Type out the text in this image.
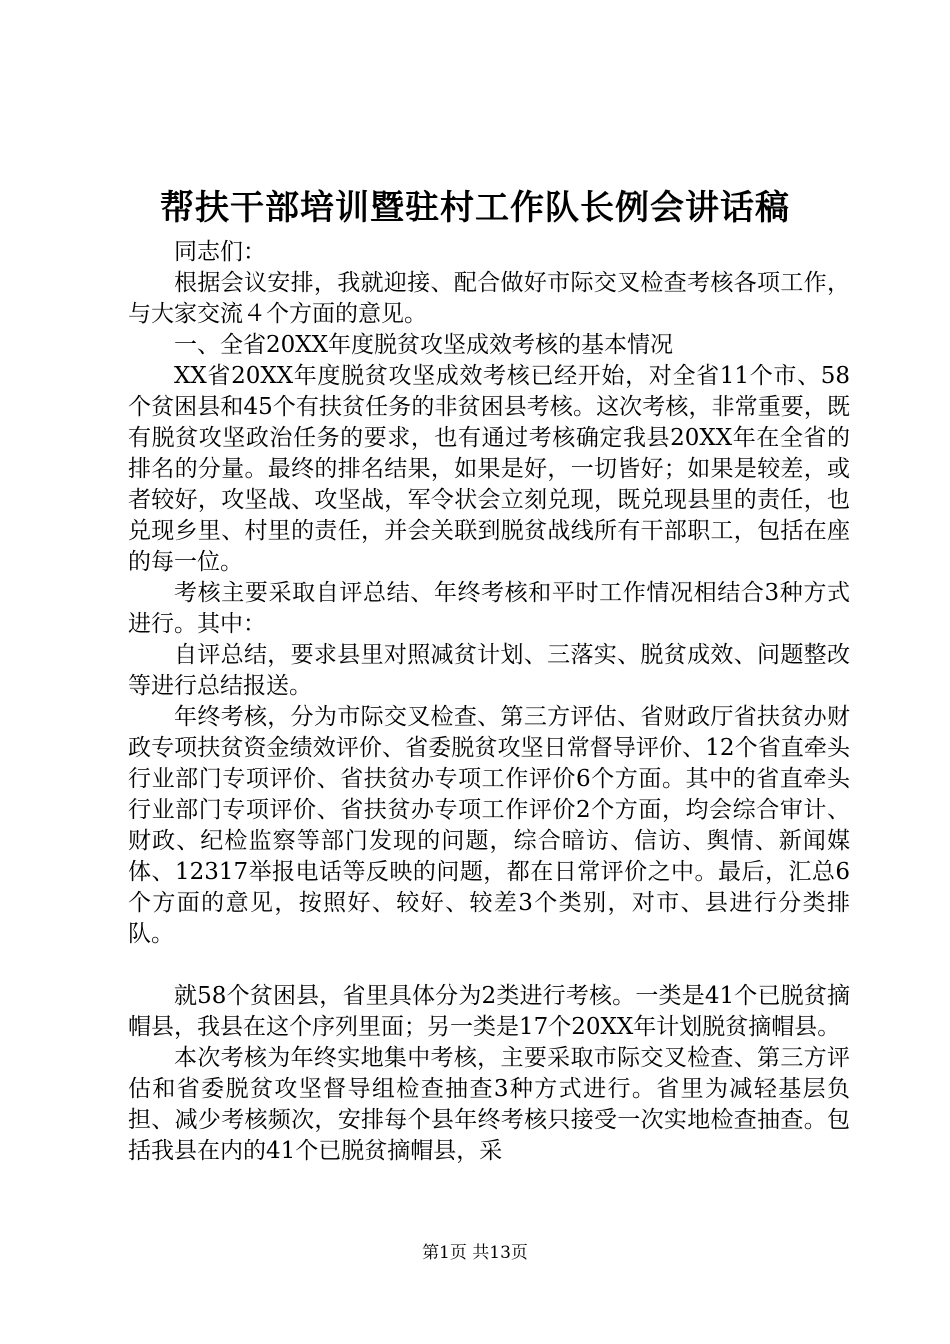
帮扶干部培训暨驻村工作队长例会讲话稿

同志们：

根据会议安排，我就迎接、配合做好市际交叉检查考核各项工作，与大家交流４个方面的意见。

一、全省20XX年度脱贫攻坚成效考核的基本情况

XX省20XX年度脱贫攻坚成效考核已经开始，对全省11个市、58个贫困县和45个有扶贫任务的非贫困县考核。这次考核，非常重要，既有脱贫攻坚政治任务的要求，也有通过考核确定我县20XX年在全省的排名的分量。最终的排名结果，如果是好，一切皆好；如果是较差，或者较好，攻坚战、攻坚战，军令状会立刻兑现，既兑现县里的责任，也兑现乡里、村里的责任，并会关联到脱贫战线所有干部职工，包括在座的每一位。

考核主要采取自评总结、年终考核和平时工作情况相结合3种方式进行。其中：

自评总结，要求县里对照减贫计划、三落实、脱贫成效、问题整改等进行总结报送。

年终考核，分为市际交叉检查、第三方评估、省财政厅省扶贫办财政专项扶贫资金绩效评价、省委脱贫攻坚日常督导评价、12个省直牵头行业部门专项评价、省扶贫办专项工作评价6个方面。其中的省直牵头行业部门专项评价、省扶贫办专项工作评价2个方面，均会综合审计、财政、纪检监察等部门发现的问题，综合暗访、信访、舆情、新闻媒体、12317举报电话等反映的问题，都在日常评价之中。最后，汇总6个方面的意见，按照好、较好、较差3个类别，对市、县进行分类排队。

就58个贫困县，省里具体分为2类进行考核。一类是41个已脱贫摘帽县，我县在这个序列里面；另一类是17个20XX年计划脱贫摘帽县。

本次考核为年终实地集中考核，主要采取市际交叉检查、第三方评估和省委脱贫攻坚督导组检查抽查3种方式进行。省里为减轻基层负担、减少考核频次，安排每个县年终考核只接受一次实地检查抽查。包括我县在内的41个已脱贫摘帽县，采

第1页 共13页
